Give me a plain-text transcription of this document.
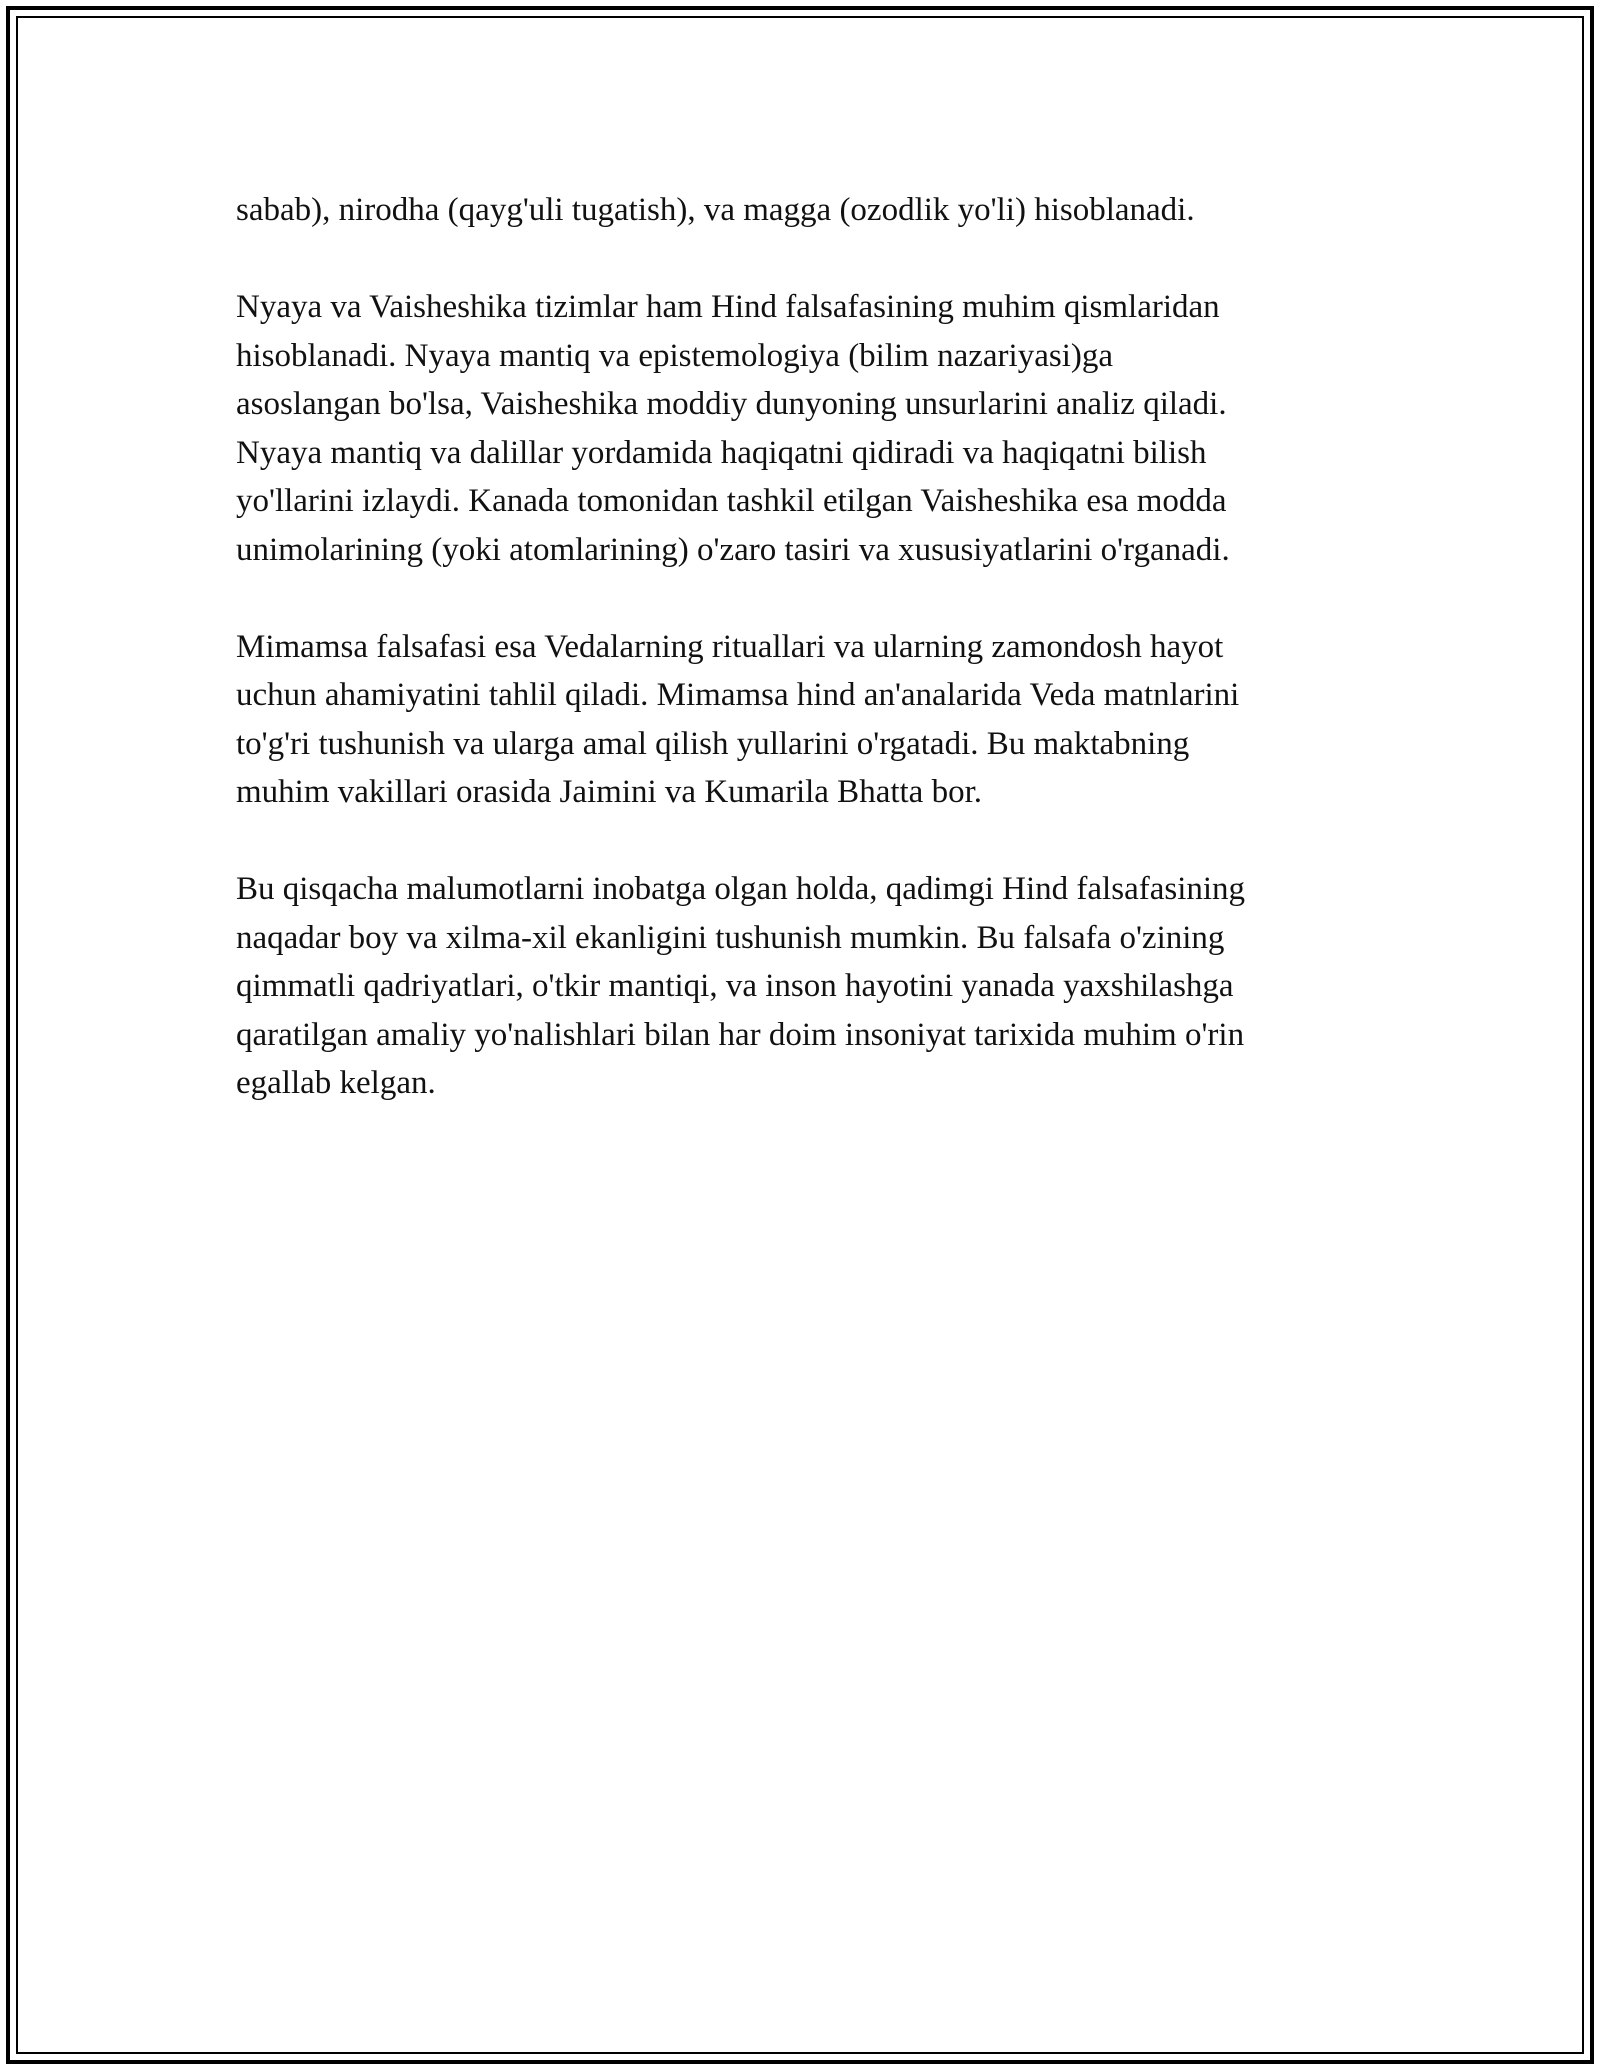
sabab), nirodha (qayg'uli tugatish), va magga (ozodlik yo'li) hisoblanadi.
Nyaya va Vaisheshika tizimlar ham Hind falsafasining muhim qismlaridan
hisoblanadi. Nyaya mantiq va epistemologiya (bilim nazariyasi)ga
asoslangan bo'lsa, Vaisheshika moddiy dunyoning unsurlarini analiz qiladi.
Nyaya mantiq va dalillar yordamida haqiqatni qidiradi va haqiqatni bilish
yo'llarini izlaydi. Kanada tomonidan tashkil etilgan Vaisheshika esa modda
unimolarining (yoki atomlarining) o'zaro tasiri va xususiyatlarini o'rganadi.
Mimamsa falsafasi esa Vedalarning rituallari va ularning zamondosh hayot
uchun ahamiyatini tahlil qiladi. Mimamsa hind an'analarida Veda matnlarini
to'g'ri tushunish va ularga amal qilish yullarini o'rgatadi. Bu maktabning
muhim vakillari orasida Jaimini va Kumarila Bhatta bor.
Bu qisqacha malumotlarni inobatga olgan holda, qadimgi Hind falsafasining
naqadar boy va xilma-xil ekanligini tushunish mumkin. Bu falsafa o'zining
qimmatli qadriyatlari, o'tkir mantiqi, va inson hayotini yanada yaxshilashga
qaratilgan amaliy yo'nalishlari bilan har doim insoniyat tarixida muhim o'rin
egallab kelgan.
